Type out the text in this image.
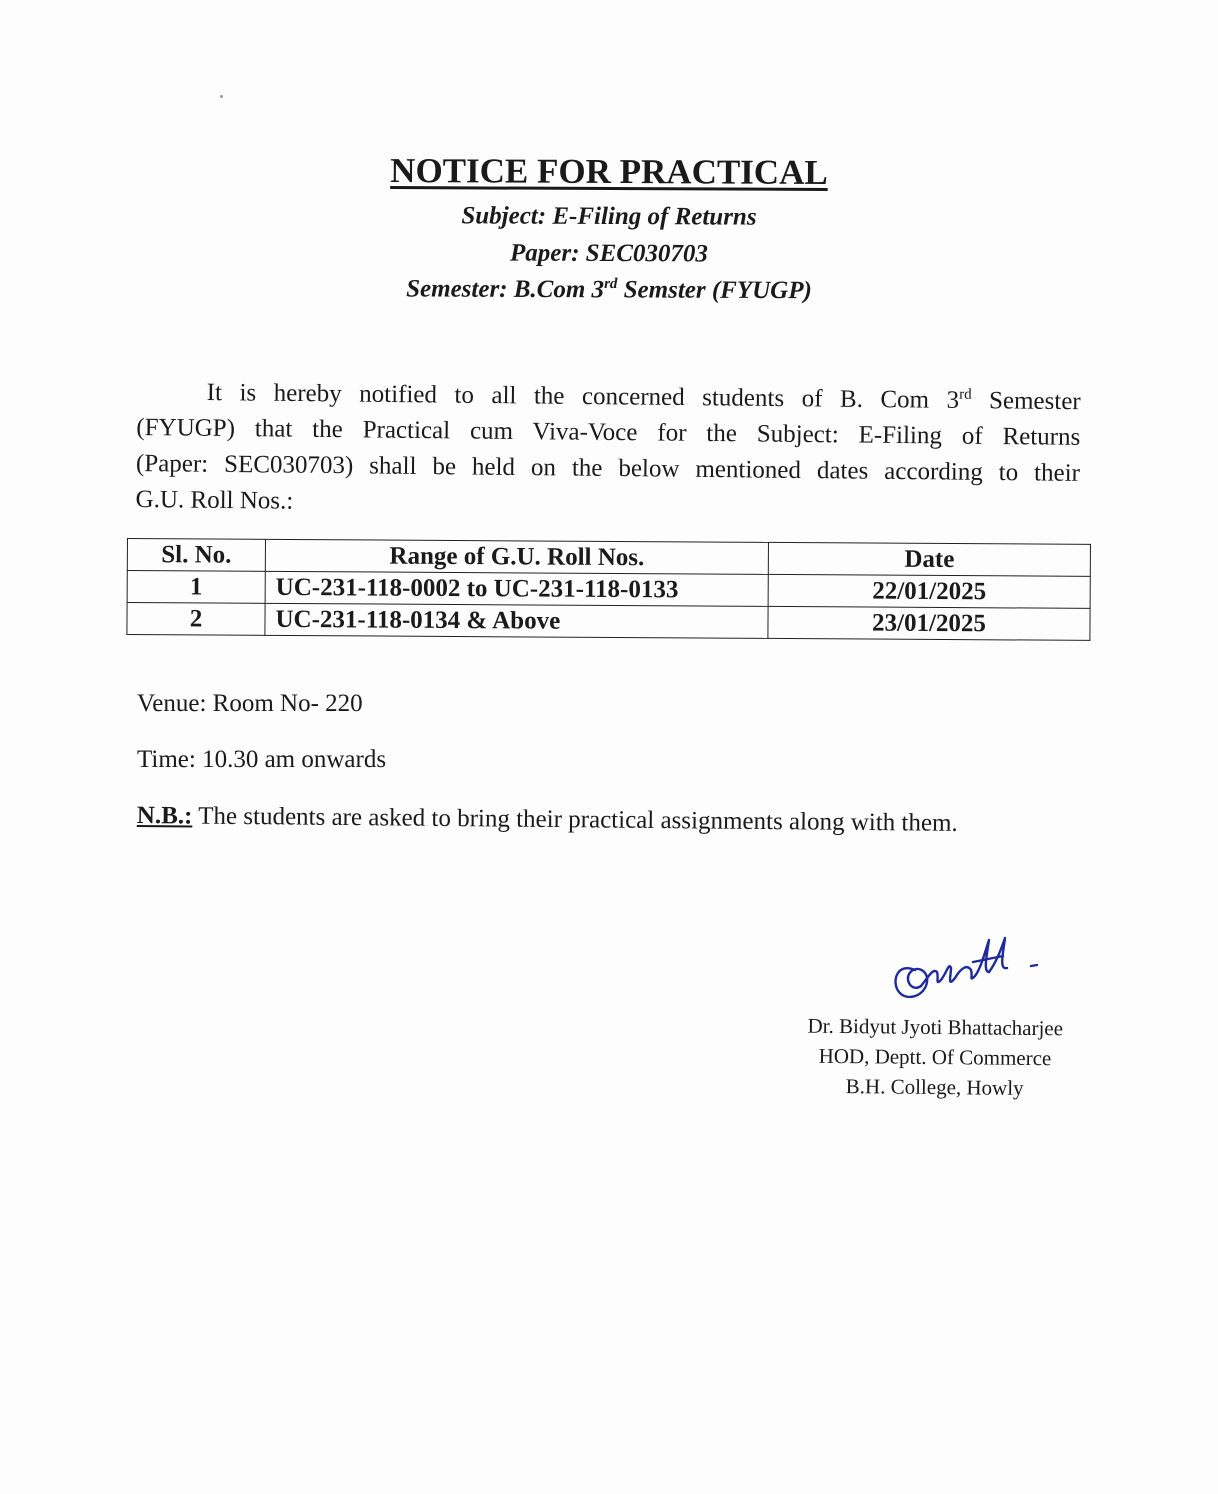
NOTICE FOR PRACTICAL
Subject: E-Filing of Returns
Paper: SEC030703
Semester: B.Com 3rd Semster (FYUGP)
It is hereby notified to all the concerned students of B. Com 3rd Semester
(FYUGP) that the Practical cum Viva-Voce for the Subject: E-Filing of Returns
(Paper: SEC030703) shall be held on the below mentioned dates according to their
G.U. Roll Nos.:
Sl. No.	Range of G.U. Roll Nos.	Date
1	UC-231-118-0002 to UC-231-118-0133	22/01/2025
2	UC-231-118-0134 & Above	23/01/2025
Venue: Room No- 220
Time: 10.30 am onwards
N.B.: The students are asked to bring their practical assignments along with them.
Dr. Bidyut Jyoti Bhattacharjee
HOD, Deptt. Of Commerce
B.H. College, Howly
